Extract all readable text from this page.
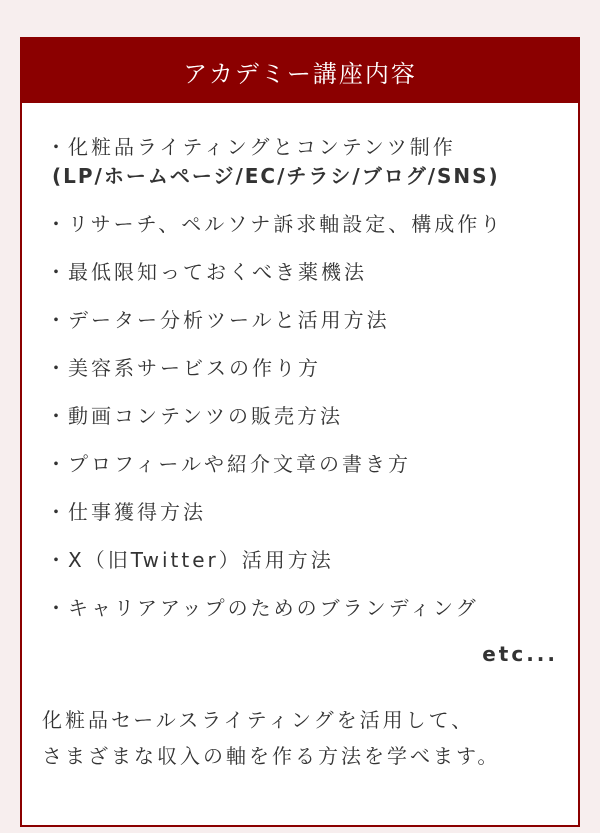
アカデミー講座内容
・ 化粧品ライティングとコンテンツ制作
(LP/ホームページ/EC/チラシ/ブログ/SNS)
・ リサーチ、ペルソナ訴求軸設定、構成作り
・ 最低限知っておくべき薬機法
・ データー分析ツールと活用方法
・ 美容系サービスの作り方
・ 動画コンテンツの販売方法
・ プロフィールや紹介文章の書き方
・ 仕事獲得方法
・ X（旧Twitter）活用方法
・ キャリアアップのためのブランディング
etc...
化粧品セールスライティングを活用して、
さまざまな収入の軸を作る方法を学べます。
